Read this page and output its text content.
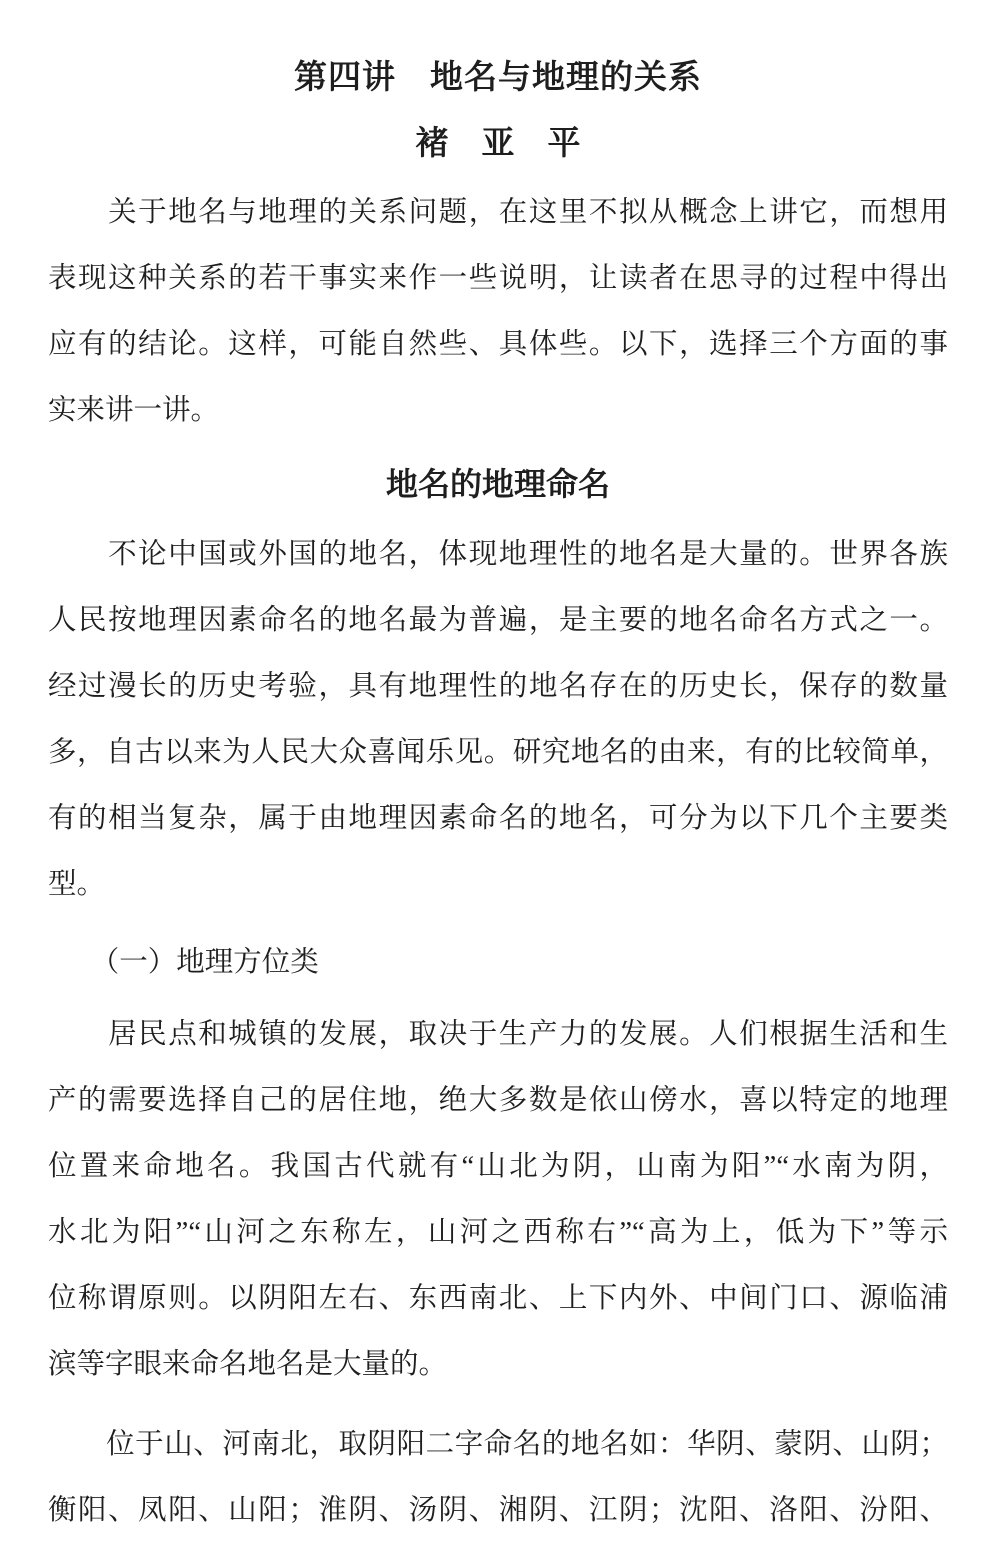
第四讲　地名与地理的关系
褚亚平
　　关于地名与地理的关系问题，在这里不拟从概念上讲它，而想用
表现这种关系的若干事实来作一些说明，让读者在思寻的过程中得出
应有的结论。这样，可能自然些、具体些。以下，选择三个方面的事
实来讲一讲。
地名的地理命名
　　不论中国或外国的地名，体现地理性的地名是大量的。世界各族
人民按地理因素命名的地名最为普遍，是主要的地名命名方式之一。
经过漫长的历史考验，具有地理性的地名存在的历史长，保存的数量
多，自古以来为人民大众喜闻乐见。研究地名的由来，有的比较简单，
有的相当复杂，属于由地理因素命名的地名，可分为以下几个主要类
型。
　　（一）地理方位类
　　居民点和城镇的发展，取决于生产力的发展。人们根据生活和生
产的需要选择自己的居住地，绝大多数是依山傍水，喜以特定的地理
位置来命地名。我国古代就有“山北为阴，山南为阳”“水南为阴，
水北为阳”“山河之东称左，山河之西称右”“高为上，低为下”等示
位称谓原则。以阴阳左右、东西南北、上下内外、中间门口、源临浦
滨等字眼来命名地名是大量的。
　　位于山、河南北，取阴阳二字命名的地名如：华阴、蒙阴、山阴；
衡阳、凤阳、山阳；淮阴、汤阴、湘阴、江阴；沈阳、洛阳、汾阳、
